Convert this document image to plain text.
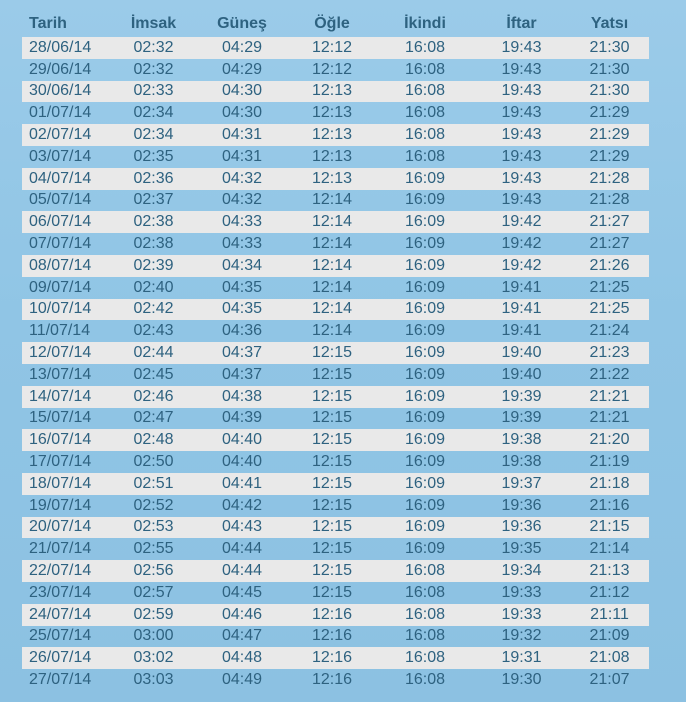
Tarih	İmsak	Güneş	Öğle	İkindi	İftar	Yatsı
28/06/14	02:32	04:29	12:12	16:08	19:43	21:30
29/06/14	02:32	04:29	12:12	16:08	19:43	21:30
30/06/14	02:33	04:30	12:13	16:08	19:43	21:30
01/07/14	02:34	04:30	12:13	16:08	19:43	21:29
02/07/14	02:34	04:31	12:13	16:08	19:43	21:29
03/07/14	02:35	04:31	12:13	16:08	19:43	21:29
04/07/14	02:36	04:32	12:13	16:09	19:43	21:28
05/07/14	02:37	04:32	12:14	16:09	19:43	21:28
06/07/14	02:38	04:33	12:14	16:09	19:42	21:27
07/07/14	02:38	04:33	12:14	16:09	19:42	21:27
08/07/14	02:39	04:34	12:14	16:09	19:42	21:26
09/07/14	02:40	04:35	12:14	16:09	19:41	21:25
10/07/14	02:42	04:35	12:14	16:09	19:41	21:25
11/07/14	02:43	04:36	12:14	16:09	19:41	21:24
12/07/14	02:44	04:37	12:15	16:09	19:40	21:23
13/07/14	02:45	04:37	12:15	16:09	19:40	21:22
14/07/14	02:46	04:38	12:15	16:09	19:39	21:21
15/07/14	02:47	04:39	12:15	16:09	19:39	21:21
16/07/14	02:48	04:40	12:15	16:09	19:38	21:20
17/07/14	02:50	04:40	12:15	16:09	19:38	21:19
18/07/14	02:51	04:41	12:15	16:09	19:37	21:18
19/07/14	02:52	04:42	12:15	16:09	19:36	21:16
20/07/14	02:53	04:43	12:15	16:09	19:36	21:15
21/07/14	02:55	04:44	12:15	16:09	19:35	21:14
22/07/14	02:56	04:44	12:15	16:08	19:34	21:13
23/07/14	02:57	04:45	12:15	16:08	19:33	21:12
24/07/14	02:59	04:46	12:16	16:08	19:33	21:11
25/07/14	03:00	04:47	12:16	16:08	19:32	21:09
26/07/14	03:02	04:48	12:16	16:08	19:31	21:08
27/07/14	03:03	04:49	12:16	16:08	19:30	21:07
